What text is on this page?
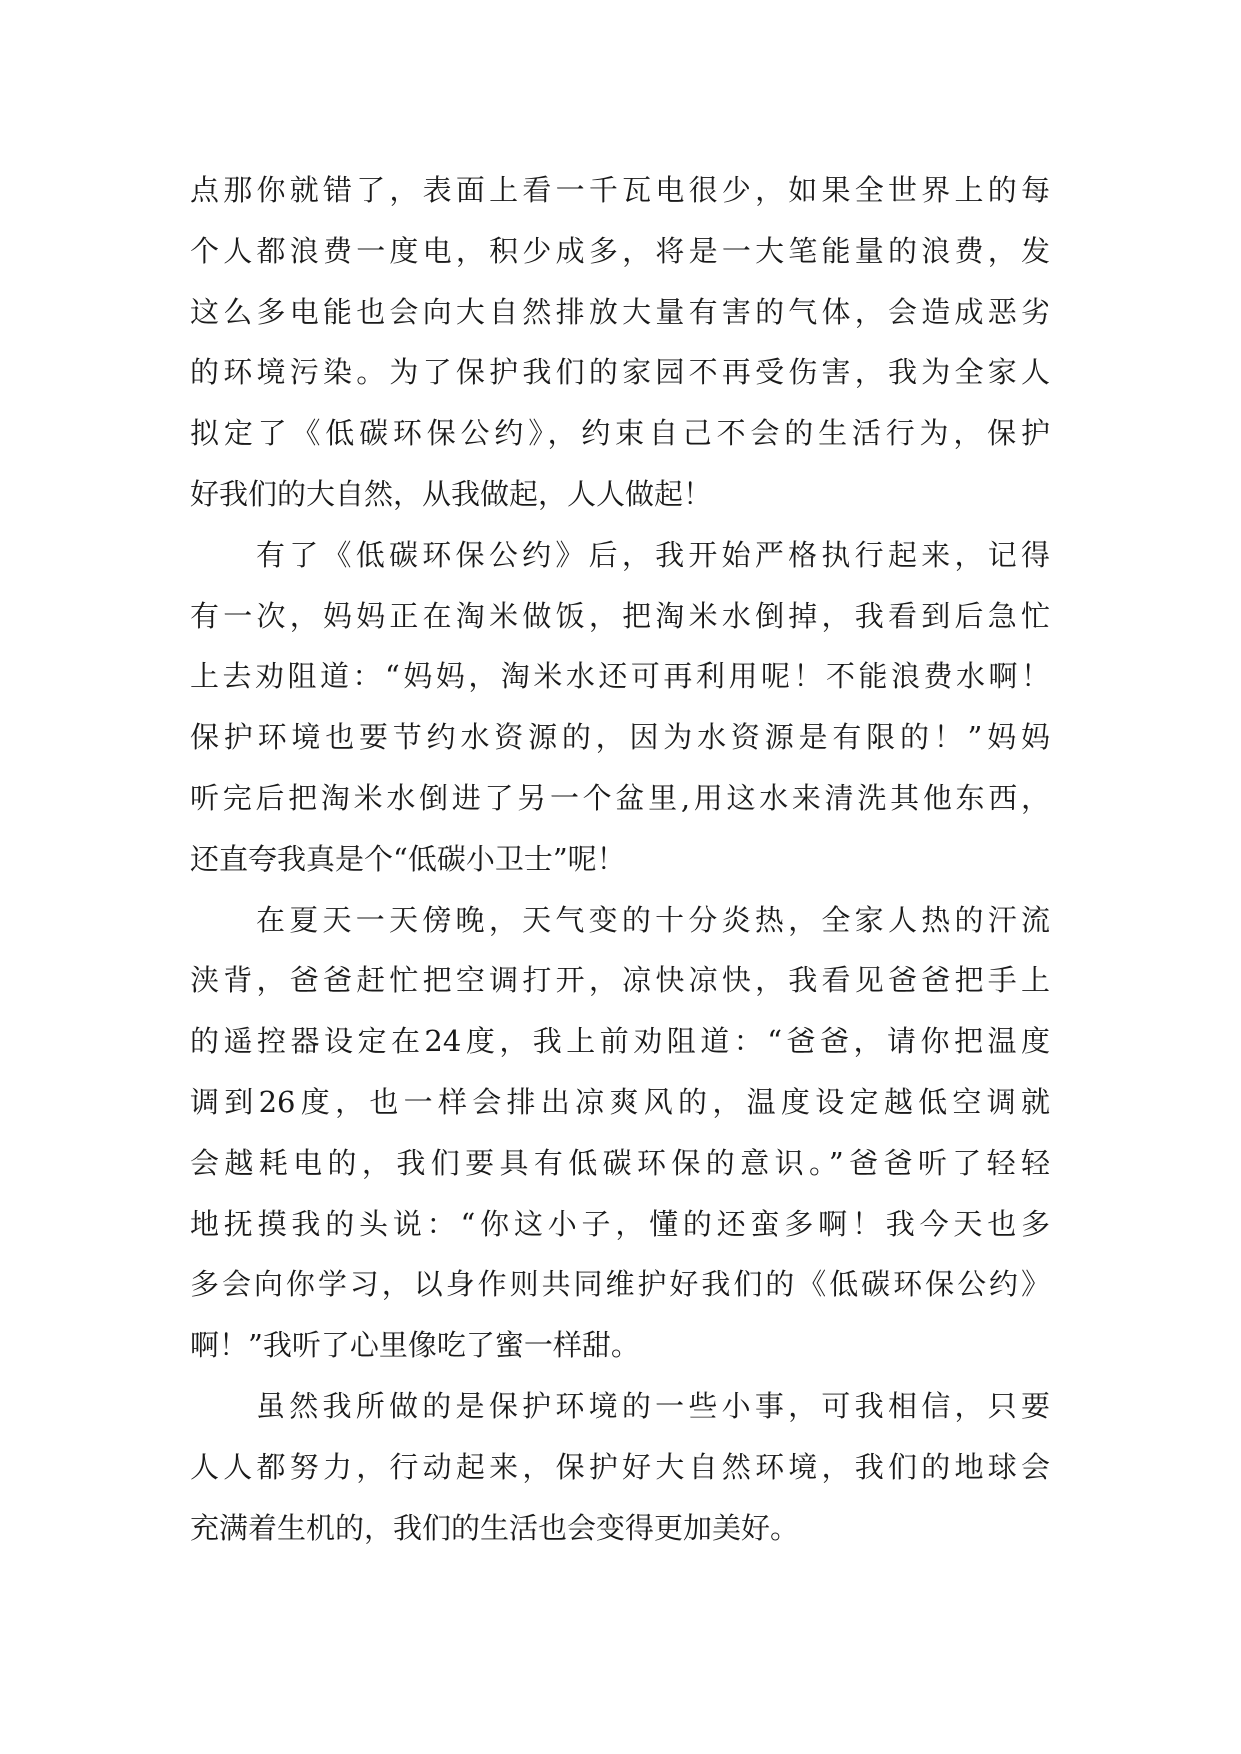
点那你就错了，表面上看一千瓦电很少，如果全世界上的每
个人都浪费一度电，积少成多，将是一大笔能量的浪费，发
这么多电能也会向大自然排放大量有害的气体，会造成恶劣
的环境污染。为了保护我们的家园不再受伤害，我为全家人
拟定了《低碳环保公约》，约束自己不会的生活行为，保护
好我们的大自然，从我做起，人人做起！
有了《低碳环保公约》后，我开始严格执行起来，记得
有一次，妈妈正在淘米做饭，把淘米水倒掉，我看到后急忙
上去劝阻道：“妈妈，淘米水还可再利用呢！不能浪费水啊！
保护环境也要节约水资源的，因为水资源是有限的！”妈妈
听完后把淘米水倒进了另一个盆里,用这水来清洗其他东西，
还直夸我真是个“低碳小卫士”呢！
在夏天一天傍晚，天气变的十分炎热，全家人热的汗流
浃背，爸爸赶忙把空调打开，凉快凉快，我看见爸爸把手上
的遥控器设定在24度，我上前劝阻道：“爸爸，请你把温度
调到26度，也一样会排出凉爽风的，温度设定越低空调就
会越耗电的，我们要具有低碳环保的意识。”爸爸听了轻轻
地抚摸我的头说：“你这小子，懂的还蛮多啊！我今天也多
多会向你学习，以身作则共同维护好我们的《低碳环保公约》
啊！”我听了心里像吃了蜜一样甜。
虽然我所做的是保护环境的一些小事，可我相信，只要
人人都努力，行动起来，保护好大自然环境，我们的地球会
充满着生机的，我们的生活也会变得更加美好。
